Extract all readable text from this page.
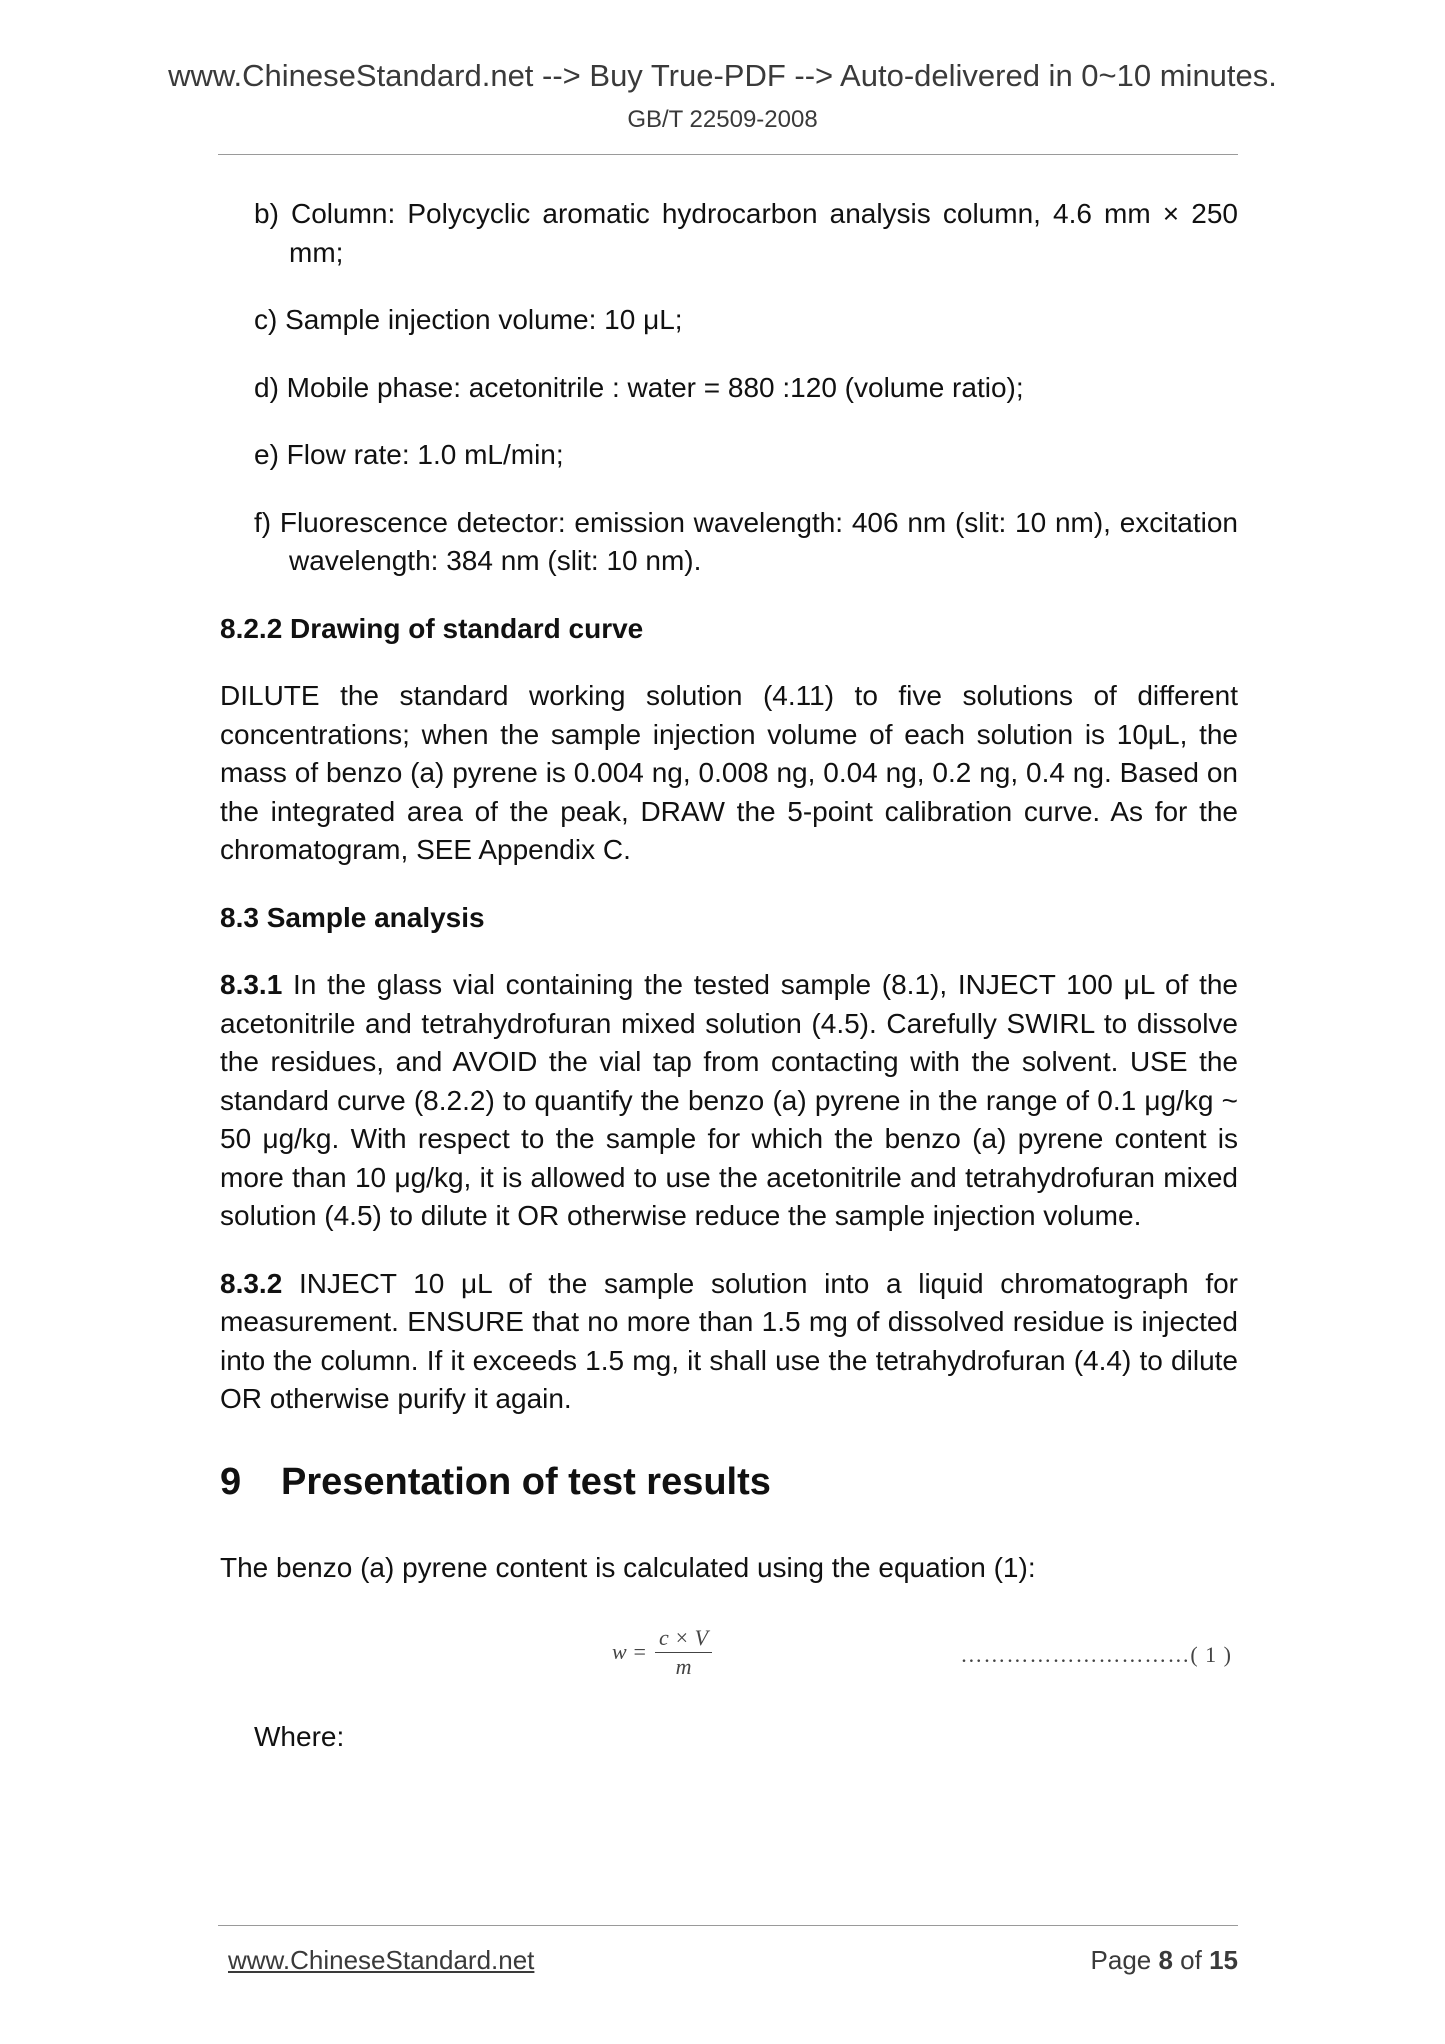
www.ChineseStandard.net --> Buy True-PDF --> Auto-delivered in 0~10 minutes.
GB/T 22509-2008

b) Column: Polycyclic aromatic hydrocarbon analysis column, 4.6 mm × 250 mm;

c) Sample injection volume: 10 μL;

d) Mobile phase: acetonitrile : water = 880 :120 (volume ratio);

e) Flow rate: 1.0 mL/min;

f) Fluorescence detector: emission wavelength: 406 nm (slit: 10 nm), excitation wavelength: 384 nm (slit: 10 nm).

8.2.2 Drawing of standard curve

DILUTE the standard working solution (4.11) to five solutions of different concentrations; when the sample injection volume of each solution is 10μL, the mass of benzo (a) pyrene is 0.004 ng, 0.008 ng, 0.04 ng, 0.2 ng, 0.4 ng. Based on the integrated area of the peak, DRAW the 5-point calibration curve. As for the chromatogram, SEE Appendix C.

8.3 Sample analysis

8.3.1 In the glass vial containing the tested sample (8.1), INJECT 100 μL of the acetonitrile and tetrahydrofuran mixed solution (4.5). Carefully SWIRL to dissolve the residues, and AVOID the vial tap from contacting with the solvent. USE the standard curve (8.2.2) to quantify the benzo (a) pyrene in the range of 0.1 μg/kg ~ 50 μg/kg. With respect to the sample for which the benzo (a) pyrene content is more than 10 μg/kg, it is allowed to use the acetonitrile and tetrahydrofuran mixed solution (4.5) to dilute it OR otherwise reduce the sample injection volume.

8.3.2 INJECT 10 μL of the sample solution into a liquid chromatograph for measurement. ENSURE that no more than 1.5 mg of dissolved residue is injected into the column. If it exceeds 1.5 mg, it shall use the tetrahydrofuran (4.4) to dilute OR otherwise purify it again.

9 Presentation of test results

The benzo (a) pyrene content is calculated using the equation (1):

$w = \frac{c \times V}{m}$	…………………………( 1 )

Where:

www.ChineseStandard.net	Page 8 of 15
